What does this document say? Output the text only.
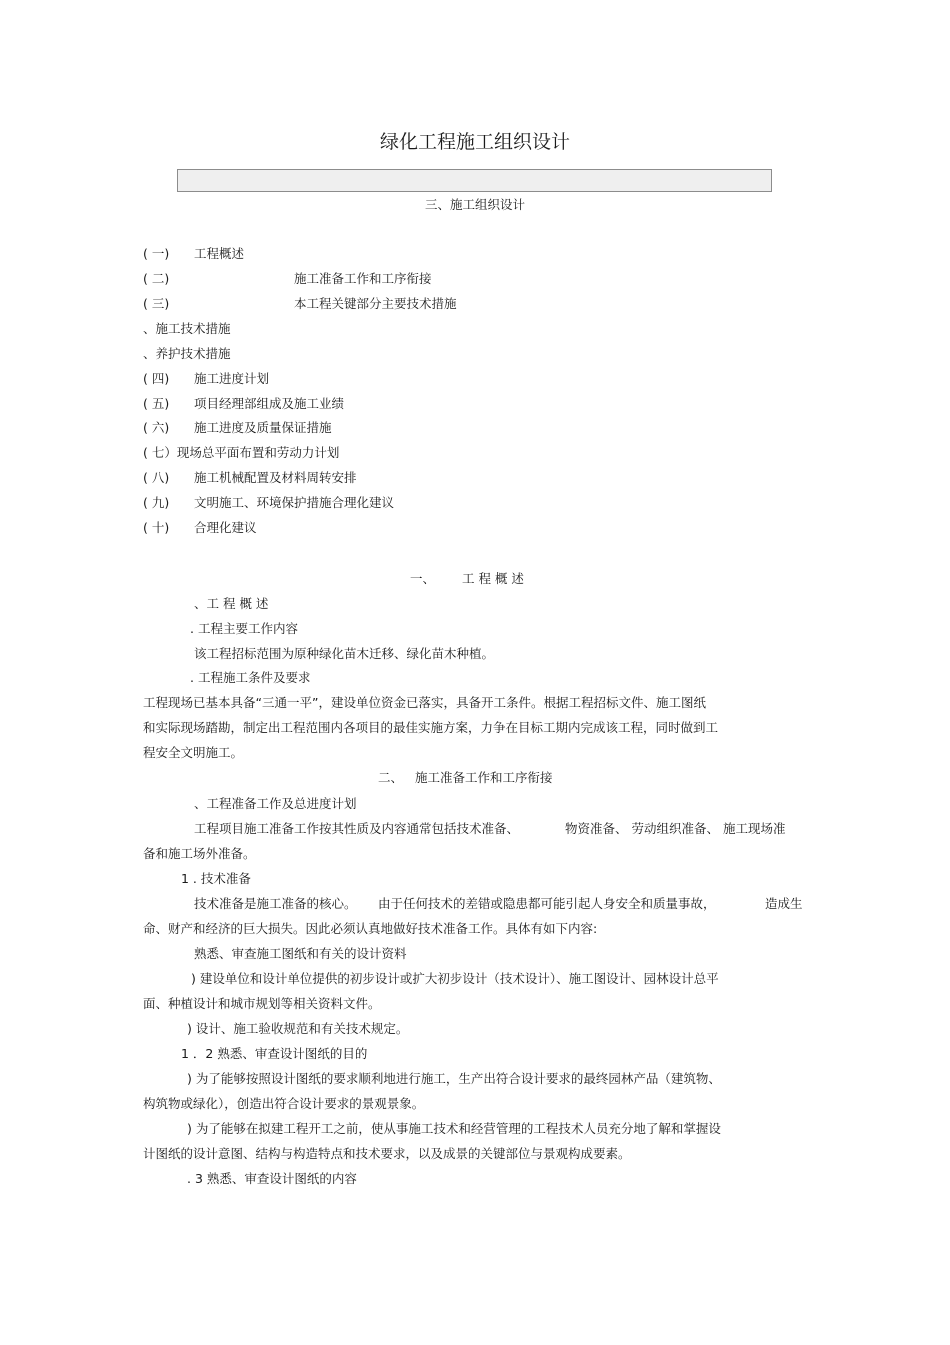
绿化工程施工组织设计
三、施工组织设计
( 一) 工程概述
( 二)	施工准备工作和工序衔接
( 三)	本工程关键部分主要技术措施
、施工技术措施
、养护技术措施
( 四) 施工进度计划
( 五) 项目经理部组成及施工业绩
( 六) 施工进度及质量保证措施
( 七）现场总平面布置和劳动力计划
( 八) 施工机械配置及材料周转安排
( 九) 文明施工、环境保护措施合理化建议
( 十) 合理化建议
一、 工 程 概 述
、工 程 概 述
. 工程主要工作内容
该工程招标范围为原种绿化苗木迁移、绿化苗木种植。
. 工程施工条件及要求
工程现场已基本具备“三通一平”，建设单位资金已落实，具备开工条件。根据工程招标文件、施工图纸
和实际现场踏勘，制定出工程范围内各项目的最佳实施方案，力争在目标工期内完成该工程，同时做到工
程安全文明施工。
二、 施工准备工作和工序衔接
、工程准备工作及总进度计划
工程项目施工准备工作按其性质及内容通常包括技术准备、	物资准备、 劳动组织准备、 施工现场准
备和施工场外准备。
1 . 技术准备
技术准备是施工准备的核心。 由于任何技术的差错或隐患都可能引起人身安全和质量事故，	造成生
命、财产和经济的巨大损失。因此必须认真地做好技术准备工作。具体有如下内容:
熟悉、审查施工图纸和有关的设计资料
) 建设单位和设计单位提供的初步设计或扩大初步设计（技术设计）、施工图设计、园林设计总平
面、种植设计和城市规划等相关资料文件。
) 设计、施工验收规范和有关技术规定。
1 ．2 熟悉、审查设计图纸的目的
) 为了能够按照设计图纸的要求顺利地进行施工，生产出符合设计要求的最终园林产品（建筑物、
构筑物或绿化），创造出符合设计要求的景观景象。
) 为了能够在拟建工程开工之前，使从事施工技术和经营管理的工程技术人员充分地了解和掌握设
计图纸的设计意图、结构与构造特点和技术要求，以及成景的关键部位与景观构成要素。
. 3 熟悉、审查设计图纸的内容
